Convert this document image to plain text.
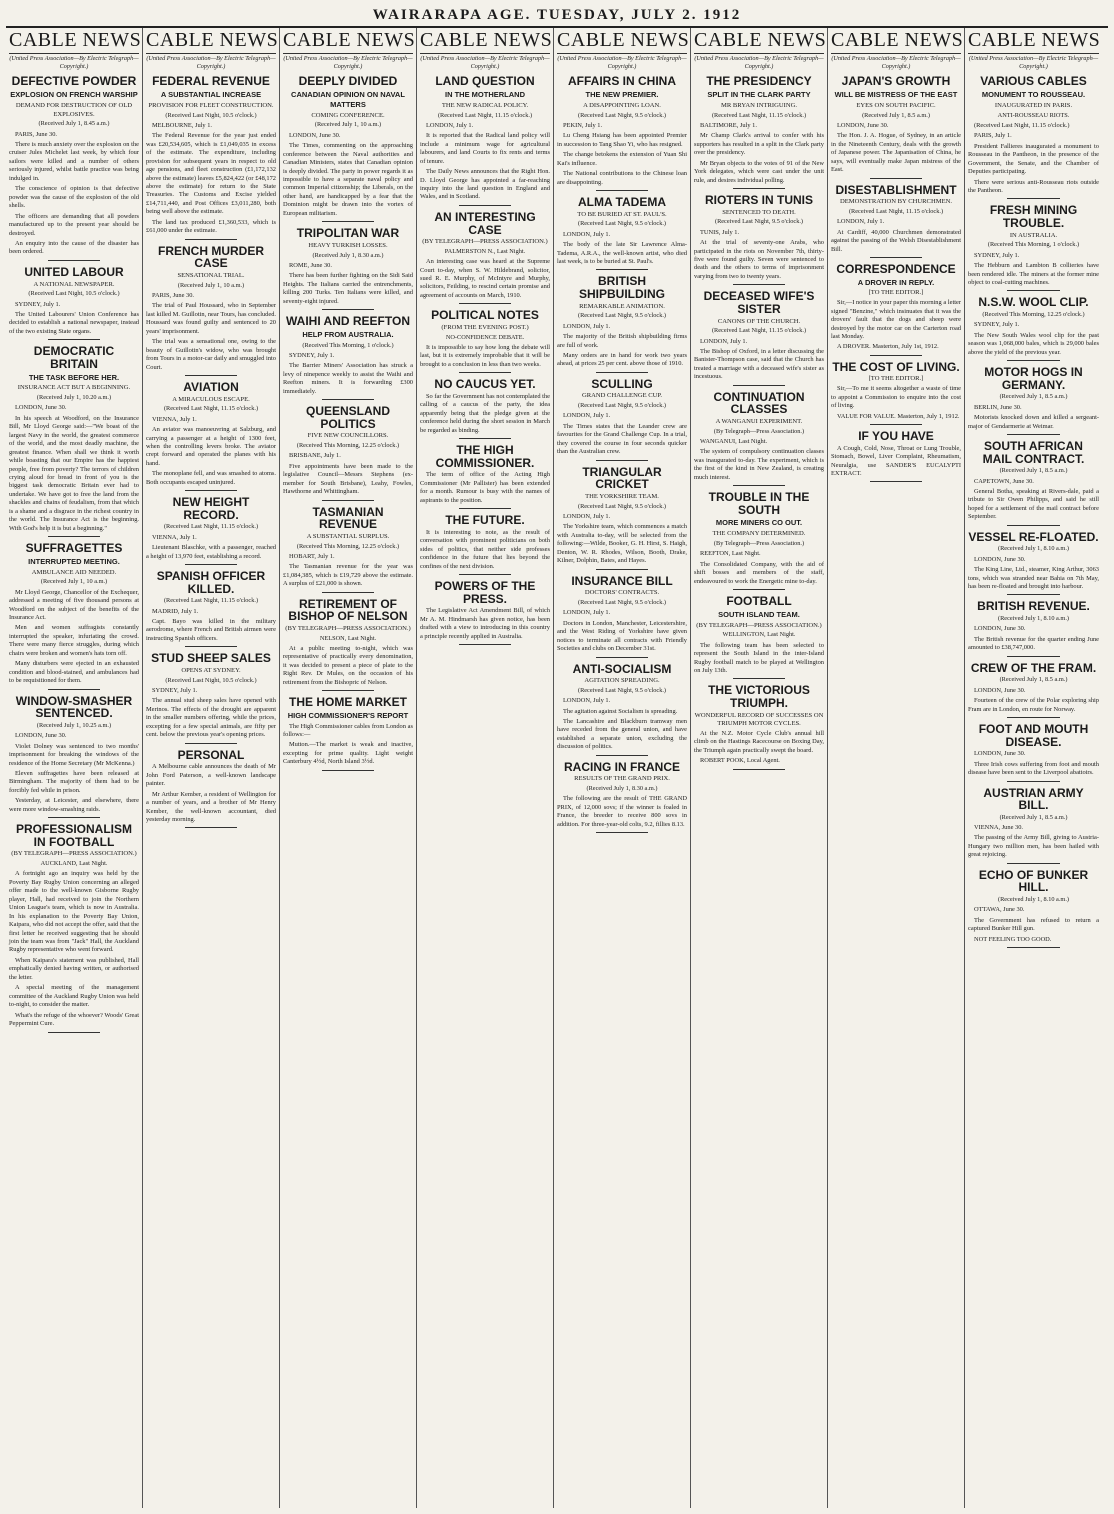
WAIRARAPA AGE. TUESDAY, JULY 2. 1912
CABLE NEWS
(United Press Association—By Electric Telegraph—Copyright.)
DEFECTIVE POWDER
EXPLOSION ON FRENCH WARSHIP
DEMAND FOR DESTRUCTION OF OLD EXPLOSIVES.
(Received July 1, 8.45 a.m.)

PARIS, June 30.

There is much anxiety over the explosion on the cruiser Jules Michelet last week, by which four sailors were killed and a number of others seriously injured, whilst battle practice was being indulged in.

The conscience of opinion is that defective powder was the cause of the explosion of the old shells.

The officers are demanding that all powders manufactured up to the present year should be destroyed.

An enquiry into the cause of the disaster has been ordered.

UNITED LABOUR
A NATIONAL NEWSPAPER.
(Received Last Night, 10.5 o'clock.)

SYDNEY, July 1.

The United Labourers' Union Conference has decided to establish a national newspaper, instead of the two existing State organs.

DEMOCRATIC BRITAIN
THE TASK BEFORE HER.
INSURANCE ACT BUT A BEGINNING.
(Received July 1, 10.20 a.m.)

LONDON, June 30.

In his speech at Woodford, on the Insurance Bill, Mr Lloyd George said:—"We boast of the largest Navy in the world, the greatest commerce of the world, and the most deadly machine, the greatest finance. When shall we think it worth while boasting that our Empire has the happiest people, free from poverty? The terrors of children crying aloud for bread in front of you is the biggest task democratic Britain ever had to undertake. We have got to free the land from the shackles and chains of feudalism, from that which is a shame and a disgrace in the richest country in the world. The Insurance Act is the beginning. With God's help it is but a beginning."

SUFFRAGETTES
INTERRUPTED MEETING.
AMBULANCE AID NEEDED.
(Received July 1, 10 a.m.)

Mr Lloyd George, Chancellor of the Exchequer, addressed a meeting of five thousand persons at Woodford on the subject of the benefits of the Insurance Act.

Men and women suffragists constantly interrupted the speaker, infuriating the crowd. There were many fierce struggles, during which chairs were broken and women's hats torn off.

Many disturbers were ejected in an exhausted condition and blood-stained, and ambulances had to be requisitioned for them.

WINDOW-SMASHER SENTENCED.
(Received July 1, 10.25 a.m.)

LONDON, June 30.

Violet Dolney was sentenced to two months' imprisonment for breaking the windows of the residence of the Home Secretary (Mr McKenna.)

Eleven suffragettes have been released at Birmingham. The majority of them had to be forcibly fed while in prison.

Yesterday, at Leicester, and elsewhere, there were more window-smashing raids.

PROFESSIONALISM IN FOOTBALL
(BY TELEGRAPH—PRESS ASSOCIATION.)
AUCKLAND, Last Night.

A fortnight ago an inquiry was held by the Poverty Bay Rugby Union concerning an alleged offer made to the well-known Gisborne Rugby player, Hall, had received to join the Northern Union League's team, which is now in Australia. In his explanation to the Poverty Bay Union, Kaipara, who did not accept the offer, said that the first letter he received suggesting that he should join the team was from "Jack" Hall, the Auckland Rugby representative who went forward.

When Kaipara's statement was published, Hall emphatically denied having written, or authorised the letter.

A special meeting of the management committee of the Auckland Rugby Union was held to-night, to consider the matter.

What's the refuge of the whoever? Woods' Great Peppermint Cure.

CABLE NEWS
(United Press Association—By Electric Telegraph—Copyright.)
FEDERAL REVENUE
A SUBSTANTIAL INCREASE
PROVISION FOR FLEET CONSTRUCTION.
(Received Last Night, 10.5 o'clock.)

MELBOURNE, July 1.

The Federal Revenue for the year just ended was £20,534,605, which is £1,049,035 in excess of the estimate. The expenditure, including provision for subsequent years in respect to old age pensions, and fleet construction (£1,172,132 above the estimate) leaves £5,824,422 (or £48,172 above the estimate) for return to the State Treasuries. The Customs and Excise yielded £14,711,440, and Post Offices £3,011,280, both being well above the estimate.

The land tax produced £1,360,533, which is £61,000 under the estimate.

FRENCH MURDER CASE
SENSATIONAL TRIAL.
(Received July 1, 10 a.m.)

PARIS, June 30.

The trial of Paul Houssard, who in September last killed M. Guillotin, near Tours, has concluded. Houssard was found guilty and sentenced to 20 years' imprisonment.

The trial was a sensational one, owing to the beauty of Guillotin's widow, who was brought from Tours in a motor-car daily and smuggled into Court.

AVIATION
A MIRACULOUS ESCAPE.
(Received Last Night, 11.15 o'clock.)

VIENNA, July 1.

An aviator was manoeuvring at Salzburg, and carrying a passenger at a height of 1300 feet, when the controlling levers broke. The aviator crept forward and operated the planes with his hand.

The monoplane fell, and was smashed to atoms. Both occupants escaped uninjured.

NEW HEIGHT RECORD.
(Received Last Night, 11.15 o'clock.)

VIENNA, July 1.

Lieutenant Blaschke, with a passenger, reached a height of 13,970 feet, establishing a record.

SPANISH OFFICER KILLED.
(Received Last Night, 11.15 o'clock.)

MADRID, July 1.

Capt. Bayo was killed in the military aerodrome, where French and British airmen were instructing Spanish officers.

STUD SHEEP SALES
OPENS AT SYDNEY.
(Received Last Night, 10.5 o'clock.)

SYDNEY, July 1.

The annual stud sheep sales have opened with Merinos. The effects of the drought are apparent in the smaller numbers offering, while the prices, excepting for a few special animals, are fifty per cent. below the previous year's opening prices.

PERSONAL

A Melbourne cable announces the death of Mr John Ford Paterson, a well-known landscape painter.

Mr Arthur Kember, a resident of Wellington for a number of years, and a brother of Mr Henry Kember, the well-known accountant, died yesterday morning.

CABLE NEWS
(United Press Association—By Electric Telegraph—Copyright.)
DEEPLY DIVIDED
CANADIAN OPINION ON NAVAL MATTERS
COMING CONFERENCE.
(Received July 1, 10 a.m.)

LONDON, June 30.

The Times, commenting on the approaching conference between the Naval authorities and Canadian Ministers, states that Canadian opinion is deeply divided. The party in power regards it as impossible to have a separate naval policy and common Imperial citizenship; the Liberals, on the other hand, are handicapped by a fear that the Dominion might be drawn into the vortex of European militarism.

TRIPOLITAN WAR
HEAVY TURKISH LOSSES.
(Received July 1, 8.30 a.m.)

ROME, June 30.

There has been further fighting on the Sidi Said Heights. The Italians carried the entrenchments, killing 200 Turks. Ten Italians were killed, and seventy-eight injured.

WAIHI AND REEFTON
HELP FROM AUSTRALIA.
(Received This Morning, 1 o'clock.)

SYDNEY, July 1.

The Barrier Miners' Association has struck a levy of ninepence weekly to assist the Waihi and Reefton miners. It is forwarding £300 immediately.

QUEENSLAND POLITICS
FIVE NEW COUNCILLORS.
(Received This Morning, 12.25 o'clock.)

BRISBANE, July 1.

Five appointments have been made to the legislative Council—Messrs Stephens (ex-member for South Brisbane), Leahy, Fowles, Hawthorne and Whittingham.

TASMANIAN REVENUE
A SUBSTANTIAL SURPLUS.
(Received This Morning, 12.25 o'clock.)

HOBART, July 1.

The Tasmanian revenue for the year was £1,084,385, which is £19,729 above the estimate. A surplus of £21,000 is shown.

RETIREMENT OF BISHOP OF NELSON
(BY TELEGRAPH—PRESS ASSOCIATION.)
NELSON, Last Night.

At a public meeting to-night, which was representative of practically every denomination, it was decided to present a piece of plate to the Right Rev. Dr Mules, on the occasion of his retirement from the Bishopric of Nelson.

THE HOME MARKET
HIGH COMMISSIONER'S REPORT

The High Commissioner cables from London as follows:—

Mutton.—The market is weak and inactive, excepting for prime quality. Light weight Canterbury 4½d, North Island 3½d.

CABLE NEWS
(United Press Association—By Electric Telegraph—Copyright.)
LAND QUESTION
IN THE MOTHERLAND
THE NEW RADICAL POLICY.
(Received Last Night, 11.15 o'clock.)

LONDON, July 1.

It is reported that the Radical land policy will include a minimum wage for agricultural labourers, and land Courts to fix rents and terms of tenure.

The Daily News announces that the Right Hon. D. Lloyd George has appointed a far-reaching inquiry into the land question in England and Wales, and in Scotland.

AN INTERESTING CASE
(BY TELEGRAPH—PRESS ASSOCIATION.)
PALMERSTON N., Last Night.

An interesting case was heard at the Supreme Court to-day, when S. W. Hildebrand, solicitor, sued R. E. Murphy, of McIntyre and Murphy, solicitors, Feilding, to rescind certain promise and agreement of accounts on March, 1910.

POLITICAL NOTES
(FROM THE EVENING POST.)
NO-CONFIDENCE DEBATE.

It is impossible to say how long the debate will last, but it is extremely improbable that it will be brought to a conclusion in less than two weeks.

NO CAUCUS YET.

So far the Government has not contemplated the calling of a caucus of the party, the idea apparently being that the pledge given at the conference held during the short session in March be regarded as binding.

THE HIGH COMMISSIONER.

The term of office of the Acting High Commissioner (Mr Pallister) has been extended for a month. Rumour is busy with the names of aspirants to the position.

THE FUTURE.

It is interesting to note, as the result of conversation with prominent politicians on both sides of politics, that neither side professes confidence in the future that lies beyond the confines of the next division.

POWERS OF THE PRESS.

The Legislative Act Amendment Bill, of which Mr A. M. Hindmarsh has given notice, has been drafted with a view to introducing in this country a principle recently applied in Australia.

CABLE NEWS
(United Press Association—By Electric Telegraph—Copyright.)
AFFAIRS IN CHINA
THE NEW PREMIER.
A DISAPPOINTING LOAN.
(Received Last Night, 9.5 o'clock.)

PEKIN, July 1.

Lu Cheng Hsiang has been appointed Premier in succession to Tang Shao Yi, who has resigned.

The change betokens the extension of Yuan Shi Kai's influence.

The National contributions to the Chinese loan are disappointing.

ALMA TADEMA
TO BE BURIED AT ST. PAUL'S.
(Received Last Night, 9.5 o'clock.)

LONDON, July 1.

The body of the late Sir Lawrence Alma-Tadema, A.R.A., the well-known artist, who died last week, is to be buried at St. Paul's.

BRITISH SHIPBUILDING
REMARKABLE ANIMATION.
(Received Last Night, 9.5 o'clock.)

LONDON, July 1.

The majority of the British shipbuilding firms are full of work.

Many orders are in hand for work two years ahead, at prices 25 per cent. above those of 1910.

SCULLING
GRAND CHALLENGE CUP.
(Received Last Night, 9.5 o'clock.)

LONDON, July 1.

The Times states that the Leander crew are favourites for the Grand Challenge Cup. In a trial, they covered the course in four seconds quicker than the Australian crew.

TRIANGULAR CRICKET
THE YORKSHIRE TEAM.
(Received Last Night, 9.5 o'clock.)

LONDON, July 1.

The Yorkshire team, which commences a match with Australia to-day, will be selected from the following:—Wilde, Booker, G. H. Hirst, S. Haigh, Denton, W. R. Rhodes, Wilson, Booth, Drake, Kilner, Dolphin, Bates, and Hayes.

INSURANCE BILL
DOCTORS' CONTRACTS.
(Received Last Night, 9.5 o'clock.)

LONDON, July 1.

Doctors in London, Manchester, Leicestershire, and the West Riding of Yorkshire have given notices to terminate all contracts with Friendly Societies and clubs on December 31st.

ANTI-SOCIALISM
AGITATION SPREADING.
(Received Last Night, 9.5 o'clock.)

LONDON, July 1.

The agitation against Socialism is spreading.

The Lancashire and Blackburn tramway men have receded from the general union, and have established a separate union, excluding the discussion of politics.

RACING IN FRANCE
RESULTS OF THE GRAND PRIX.
(Received July 1, 8.30 a.m.)

The following are the result of THE GRAND PRIX, of 12,000 sovs; if the winner is foaled in France, the breeder to receive 800 sovs in addition. For three-year-old colts, 9.2, fillies 8.13.

CABLE NEWS
(United Press Association—By Electric Telegraph—Copyright.)
THE PRESIDENCY
SPLIT IN THE CLARK PARTY
MR BRYAN INTRIGUING.
(Received Last Night, 11.15 o'clock.)

BALTIMORE, July 1.

Mr Champ Clark's arrival to confer with his supporters has resulted in a split in the Clark party over the presidency.

Mr Bryan objects to the votes of 91 of the New York delegates, which were cast under the unit rule, and desires individual polling.

RIOTERS IN TUNIS
SENTENCED TO DEATH.
(Received Last Night, 9.5 o'clock.)

TUNIS, July 1.

At the trial of seventy-one Arabs, who participated in the riots on November 7th, thirty-five were found guilty. Seven were sentenced to death and the others to terms of imprisonment varying from two to twenty years.

DECEASED WIFE'S SISTER
CANONS OF THE CHURCH.
(Received Last Night, 11.15 o'clock.)

LONDON, July 1.

The Bishop of Oxford, in a letter discussing the Banister-Thompson case, said that the Church has treated a marriage with a deceased wife's sister as incestuous.

CONTINUATION CLASSES
A WANGANUI EXPERIMENT.
(By Telegraph—Press Association.)

WANGANUI, Last Night.

The system of compulsory continuation classes was inaugurated to-day. The experiment, which is the first of the kind in New Zealand, is creating much interest.

TROUBLE IN THE SOUTH
MORE MINERS CO OUT.
THE COMPANY DETERMINED.
(By Telegraph—Press Association.)

REEFTON, Last Night.

The Consolidated Company, with the aid of shift bosses and members of the staff, endeavoured to work the Energetic mine to-day.

FOOTBALL
SOUTH ISLAND TEAM.
(BY TELEGRAPH—PRESS ASSOCIATION.)
WELLINGTON, Last Night.

The following team has been selected to represent the South Island in the inter-Island Rugby football match to be played at Wellington on July 13th.

THE VICTORIOUS TRIUMPH.
WONDERFUL RECORD OF SUCCESSES ON TRIUMPH MOTOR CYCLES.

At the N.Z. Motor Cycle Club's annual hill climb on the Hastings Racecourse on Boxing Day, the Triumph again practically swept the board.

ROBERT POOK, Local Agent.

CABLE NEWS
(United Press Association—By Electric Telegraph—Copyright.)
JAPAN'S GROWTH
WILL BE MISTRESS OF THE EAST
EYES ON SOUTH PACIFIC.
(Received July 1, 8.5 a.m.)

LONDON, June 30.

The Hon. J. A. Hogue, of Sydney, in an article in the Nineteenth Century, deals with the growth of Japanese power. The Japanisation of China, he says, will eventually make Japan mistress of the East.

DISESTABLISHMENT
DEMONSTRATION BY CHURCHMEN.
(Received Last Night, 11.15 o'clock.)

LONDON, July 1.

At Cardiff, 40,000 Churchmen demonstrated against the passing of the Welsh Disestablishment Bill.

CORRESPONDENCE
A DROVER IN REPLY.
[TO THE EDITOR.]

Sir,—I notice in your paper this morning a letter signed "Benzine," which insinuates that it was the drovers' fault that the dogs and sheep were destroyed by the motor car on the Carterton road last Monday.

A DROVER. Masterton, July 1st, 1912.

THE COST OF LIVING.
[TO THE EDITOR.]

Sir,—To me it seems altogether a waste of time to appoint a Commission to enquire into the cost of living.

VALUE FOR VALUE. Masterton, July 1, 1912.

IF YOU HAVE

A Cough, Cold, Nose, Throat or Lung Trouble, Stomach, Bowel, Liver Complaint, Rheumatism, Neuralgia, use SANDER'S EUCALYPTI EXTRACT.

CABLE NEWS
(United Press Association—By Electric Telegraph—Copyright.)
VARIOUS CABLES
MONUMENT TO ROUSSEAU.
INAUGURATED IN PARIS.
ANTI-ROUSSEAU RIOTS.

(Received Last Night, 11.15 o'clock.)

PARIS, July 1.

President Fallieres inaugurated a monument to Rousseau in the Pantheon, in the presence of the Government, the Senate, and the Chamber of Deputies participating.

There were serious anti-Rousseau riots outside the Pantheon.

FRESH MINING TROUBLE.
IN AUSTRALIA.
(Received This Morning, 1 o'clock.)

SYDNEY, July 1.

The Hebburn and Lambton B collieries have been rendered idle. The miners at the former mine object to coal-cutting machines.

N.S.W. WOOL CLIP.
(Received This Morning, 12.25 o'clock.)

SYDNEY, July 1.

The New South Wales wool clip for the past season was 1,068,000 bales, which is 29,000 bales above the yield of the previous year.

MOTOR HOGS IN GERMANY.
(Received July 1, 8.5 a.m.)

BERLIN, June 30.

Motorists knocked down and killed a sergeant-major of Gendarmerie at Weimar.

SOUTH AFRICAN MAIL CONTRACT.
(Received July 1, 8.5 a.m.)

CAPETOWN, June 30.

General Botha, speaking at Rivers-dale, paid a tribute to Sir Owen Philipps, and said he still hoped for a settlement of the mail contract before September.

VESSEL RE-FLOATED.
(Received July 1, 8.10 a.m.)

LONDON, June 30.

The King Line, Ltd., steamer, King Arthur, 3063 tons, which was stranded near Bahia on 7th May, has been re-floated and brought into harbour.

BRITISH REVENUE.
(Received July 1, 8.10 a.m.)

LONDON, June 30.

The British revenue for the quarter ending June amounted to £38,747,000.

CREW OF THE FRAM.
(Received July 1, 8.5 a.m.)

LONDON, June 30.

Fourteen of the crew of the Polar exploring ship Fram are in London, en route for Norway.

FOOT AND MOUTH DISEASE.

LONDON, June 30.

Three Irish cows suffering from foot and mouth disease have been sent to the Liverpool abattoirs.

AUSTRIAN ARMY BILL.
(Received July 1, 8.5 a.m.)

VIENNA, June 30.

The passing of the Army Bill, giving to Austria-Hungary two million men, has been hailed with great rejoicing.

ECHO OF BUNKER HILL.
(Received July 1, 8.10 a.m.)

OTTAWA, June 30.

The Government has refused to return a captured Bunker Hill gun.

NOT FEELING TOO GOOD.
